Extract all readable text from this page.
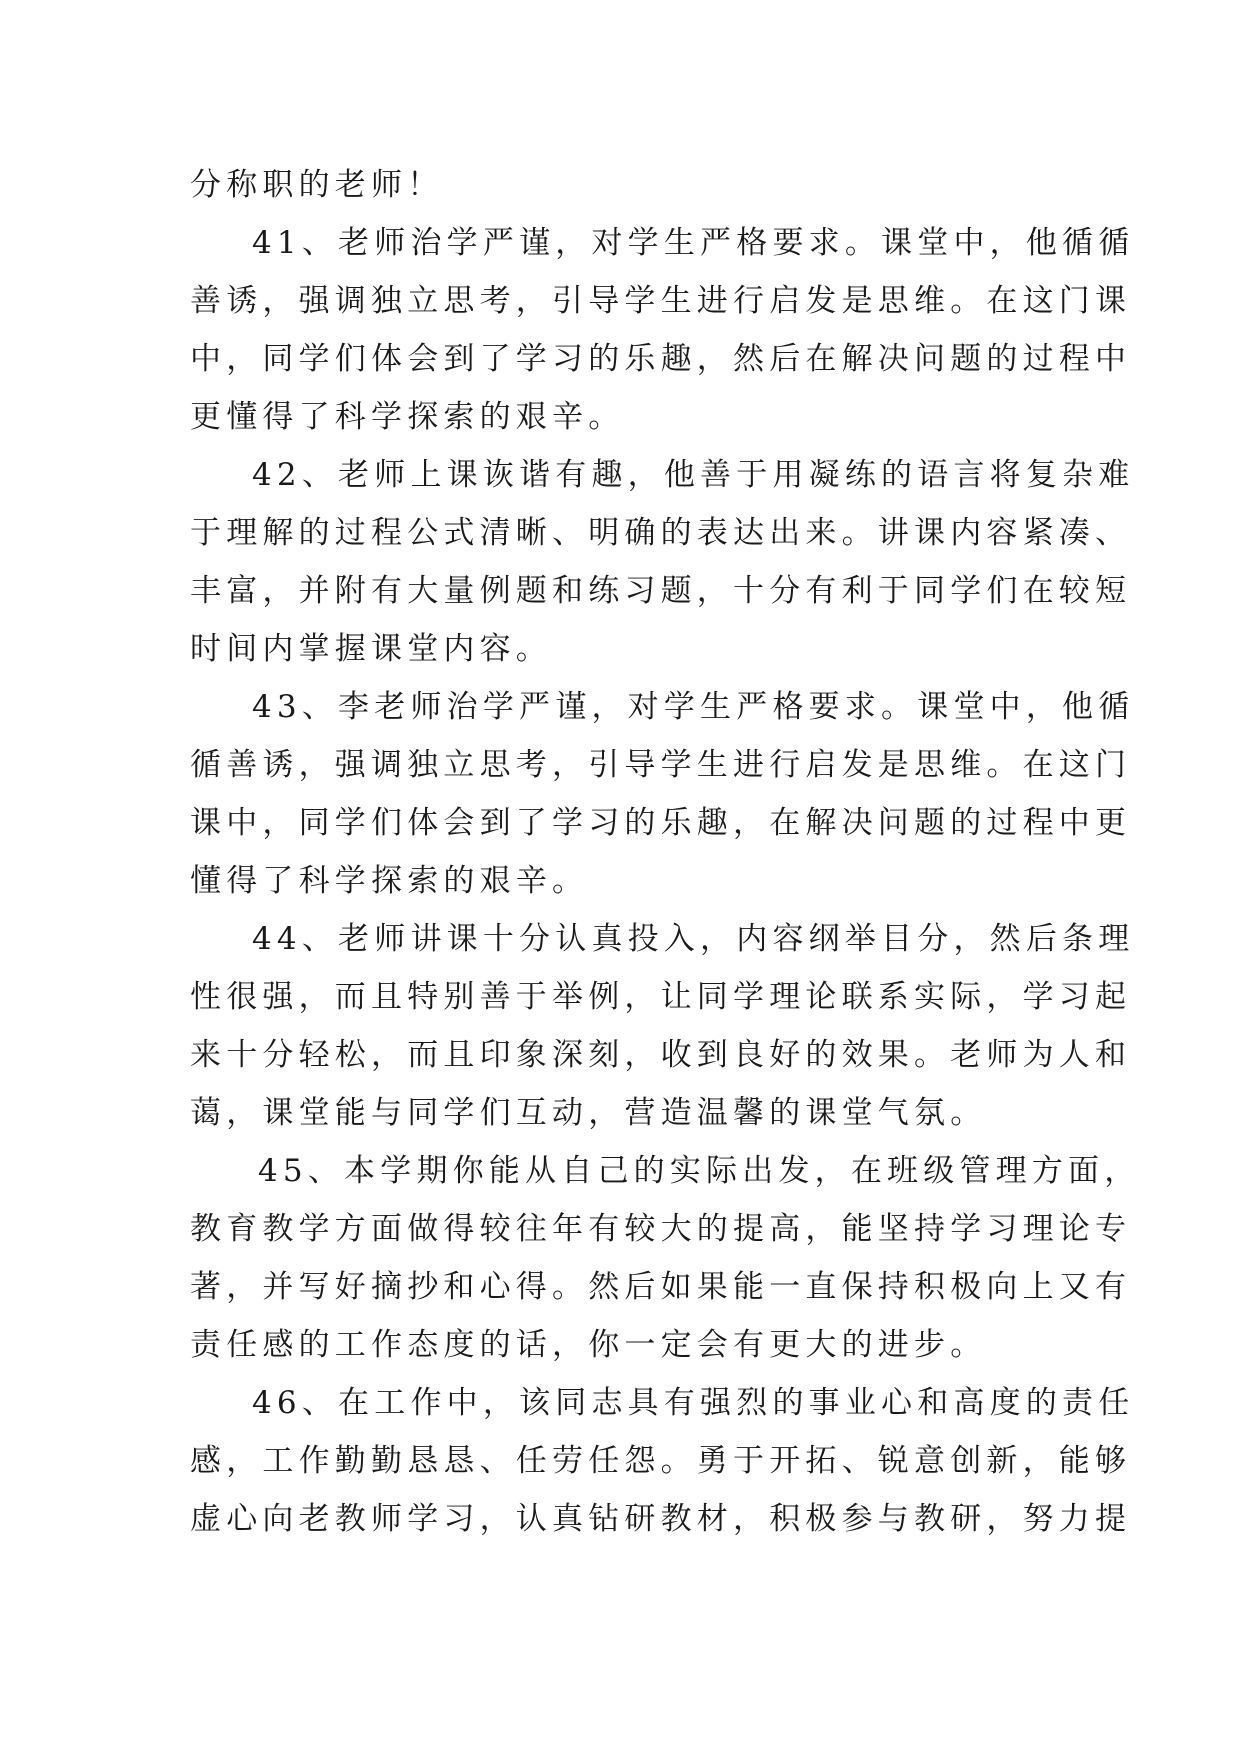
分称职的老师！
41、老师治学严谨，对学生严格要求。课堂中，他循循
善诱，强调独立思考，引导学生进行启发是思维。在这门课
中，同学们体会到了学习的乐趣，然后在解决问题的过程中
更懂得了科学探索的艰辛。
42、老师上课诙谐有趣，他善于用凝练的语言将复杂难
于理解的过程公式清晰、明确的表达出来。讲课内容紧凑、
丰富，并附有大量例题和练习题，十分有利于同学们在较短
时间内掌握课堂内容。
43、李老师治学严谨，对学生严格要求。课堂中，他循
循善诱，强调独立思考，引导学生进行启发是思维。在这门
课中，同学们体会到了学习的乐趣，在解决问题的过程中更
懂得了科学探索的艰辛。
44、老师讲课十分认真投入，内容纲举目分，然后条理
性很强，而且特别善于举例，让同学理论联系实际，学习起
来十分轻松，而且印象深刻，收到良好的效果。老师为人和
蔼，课堂能与同学们互动，营造温馨的课堂气氛。
45、本学期你能从自己的实际出发，在班级管理方面，
教育教学方面做得较往年有较大的提高，能坚持学习理论专
著，并写好摘抄和心得。然后如果能一直保持积极向上又有
责任感的工作态度的话，你一定会有更大的进步。
46、在工作中，该同志具有强烈的事业心和高度的责任
感，工作勤勤恳恳、任劳任怨。勇于开拓、锐意创新，能够
虚心向老教师学习，认真钻研教材，积极参与教研，努力提
